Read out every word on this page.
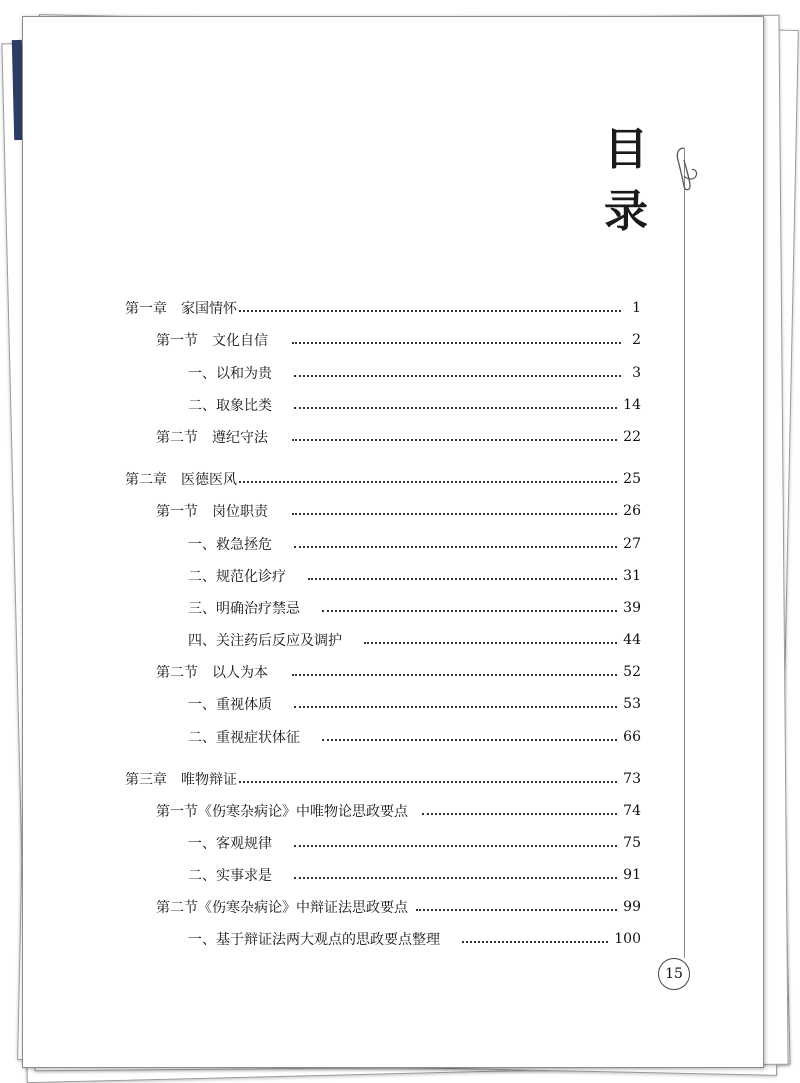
目
录
第一章　家国情怀	1
第一节　文化自信	2
一、以和为贵	3
二、取象比类	14
第二节　遵纪守法	22
第二章　医德医风	25
第一节　岗位职责	26
一、救急拯危	27
二、规范化诊疗	31
三、明确治疗禁忌	39
四、关注药后反应及调护	44
第二节　以人为本	52
一、重视体质	53
二、重视症状体征	66
第三章　唯物辩证	73
第一节《伤寒杂病论》中唯物论思政要点	74
一、客观规律	75
二、实事求是	91
第二节《伤寒杂病论》中辩证法思政要点	99
一、基于辩证法两大观点的思政要点整理	100
15
